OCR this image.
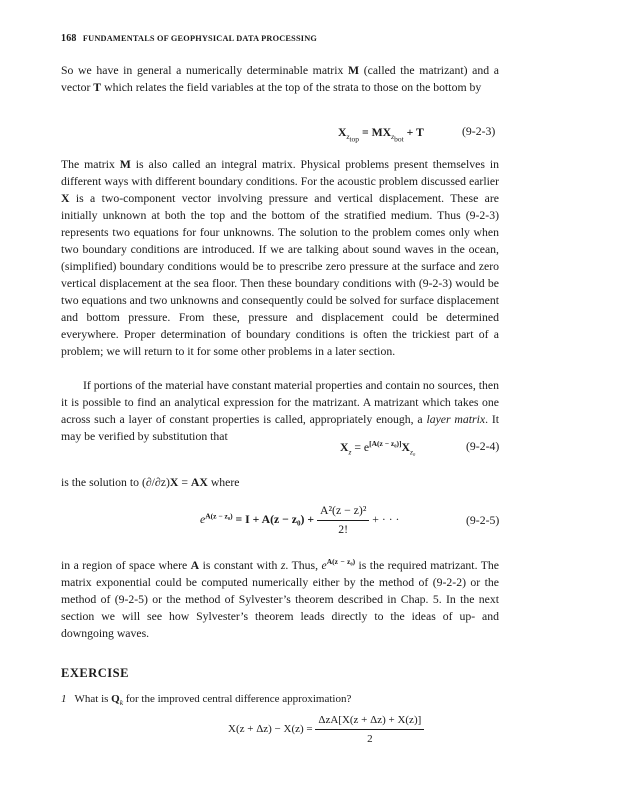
168 FUNDAMENTALS OF GEOPHYSICAL DATA PROCESSING

So we have in general a numerically determinable matrix M (called the matrizant) and a vector T which relates the field variables at the top of the strata to those on the bottom by

$X_{z_{top}} = MX_{z_{bot}} + T$	(9-2-3)

The matrix M is also called an integral matrix. Physical problems present themselves in different ways with different boundary conditions. For the acoustic problem discussed earlier X is a two-component vector involving pressure and vertical displacement. These are initially unknown at both the top and the bottom of the stratified medium. Thus (9-2-3) represents two equations for four unknowns. The solution to the problem comes only when two boundary conditions are introduced. If we are talking about sound waves in the ocean, (simplified) boundary conditions would be to prescribe zero pressure at the surface and zero vertical displacement at the sea floor. Then these boundary conditions with (9-2-3) would be two equations and two unknowns and consequently could be solved for surface displacement and bottom pressure. From these, pressure and displacement could be determined everywhere. Proper determination of boundary conditions is often the trickiest part of a problem; we will return to it for some other problems in a later section.

If portions of the material have constant material properties and contain no sources, then it is possible to find an analytical expression for the matrizant. A matrizant which takes one across such a layer of constant properties is called, appropriately enough, a layer matrix. It may be verified by substitution that

$X_z = e[A(z - z_0)]X_{z_0}$	(9-2-4)

is the solution to (∂/∂z)X = AX where

$e^{A(z - z_0)} = I + A(z - z_0) + \frac{\text{A²(z − z)²}}{2!}$ + · · ·	(9-2-5)

in a region of space where A is constant with z. Thus, $e^{A(z - z_0)}$ is the required matrizant. The matrix exponential could be computed numerically either by the method of (9-2-2) or the method of (9-2-5) or the method of Sylvester’s theorem described in Chap. 5. In the next section we will see how Sylvester’s theorem leads directly to the ideas of up- and downgoing waves.

EXERCISE
1 What is $Q_k$ for the improved central difference approximation?
$X(z + \Delta z) - X(z) = \frac{\text{ΔzA[X(z + Δz) + X(z)]}}{2}$
